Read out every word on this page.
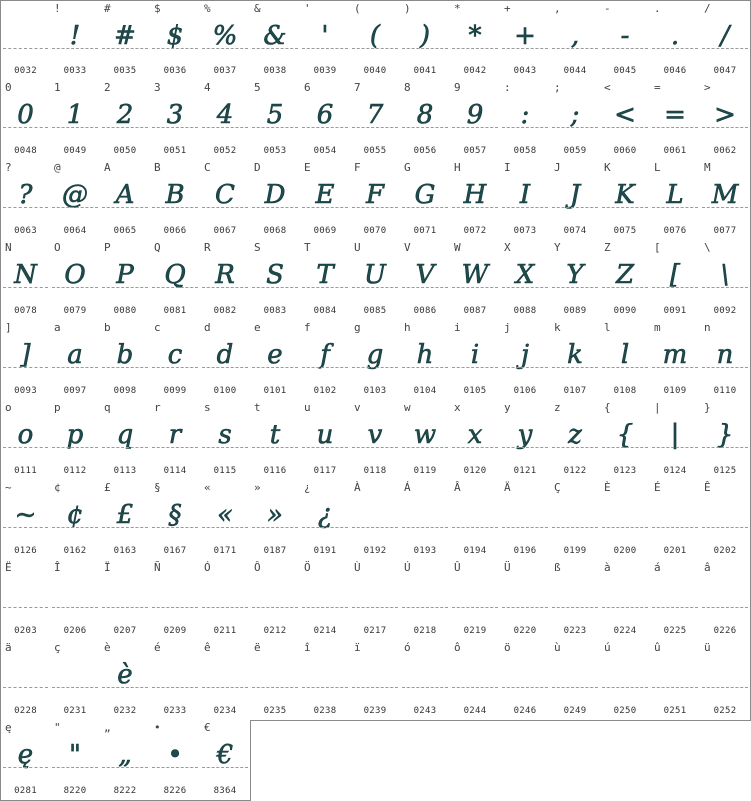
0032
!
!
0033
#
#
0035
$
$
0036
%
%
0037
&
&
0038
'
'
0039
(
(
0040
)
)
0041
*
*
0042
+
+
0043
,
,
0044
-
-
0045
.
.
0046
/
/
0047
0
0
0048
1
1
0049
2
2
0050
3
3
0051
4
4
0052
5
5
0053
6
6
0054
7
7
0055
8
8
0056
9
9
0057
:
:
0058
;
;
0059
<
<
0060
=
=
0061
>
>
0062
?
?
0063
@
@
0064
A
A
0065
B
B
0066
C
C
0067
D
D
0068
E
E
0069
F
F
0070
G
G
0071
H
H
0072
I
I
0073
J
J
0074
K
K
0075
L
L
0076
M
M
0077
N
N
0078
O
O
0079
P
P
0080
Q
Q
0081
R
R
0082
S
S
0083
T
T
0084
U
U
0085
V
V
0086
W
W
0087
X
X
0088
Y
Y
0089
Z
Z
0090
[
[
0091
\
\
0092
]
]
0093
a
a
0097
b
b
0098
c
c
0099
d
d
0100
e
e
0101
f
f
0102
g
g
0103
h
h
0104
i
i
0105
j
j
0106
k
k
0107
l
l
0108
m
m
0109
n
n
0110
o
o
0111
p
p
0112
q
q
0113
r
r
0114
s
s
0115
t
t
0116
u
u
0117
v
v
0118
w
w
0119
x
x
0120
y
y
0121
z
z
0122
{
{
0123
|
|
0124
}
}
0125
~
~
0126
¢
¢
0162
£
£
0163
§
§
0167
«
«
0171
»
»
0187
¿
¿
0191
À
0192
Á
0193
Â
0194
Ä
0196
Ç
0199
È
0200
É
0201
Ê
0202
Ë
0203
Î
0206
Ï
0207
Ñ
0209
Ó
0211
Ô
0212
Ö
0214
Ù
0217
Ú
0218
Û
0219
Ü
0220
ß
0223
à
0224
á
0225
â
0226
ä
0228
ç
0231
è
è
0232
é
0233
ê
0234
ë
0235
î
0238
ï
0239
ó
0243
ô
0244
ö
0246
ù
0249
ú
0250
û
0251
ü
0252
ę
ę
0281
"
"
8220
„
„
8222
•
•
8226
€
€
8364
